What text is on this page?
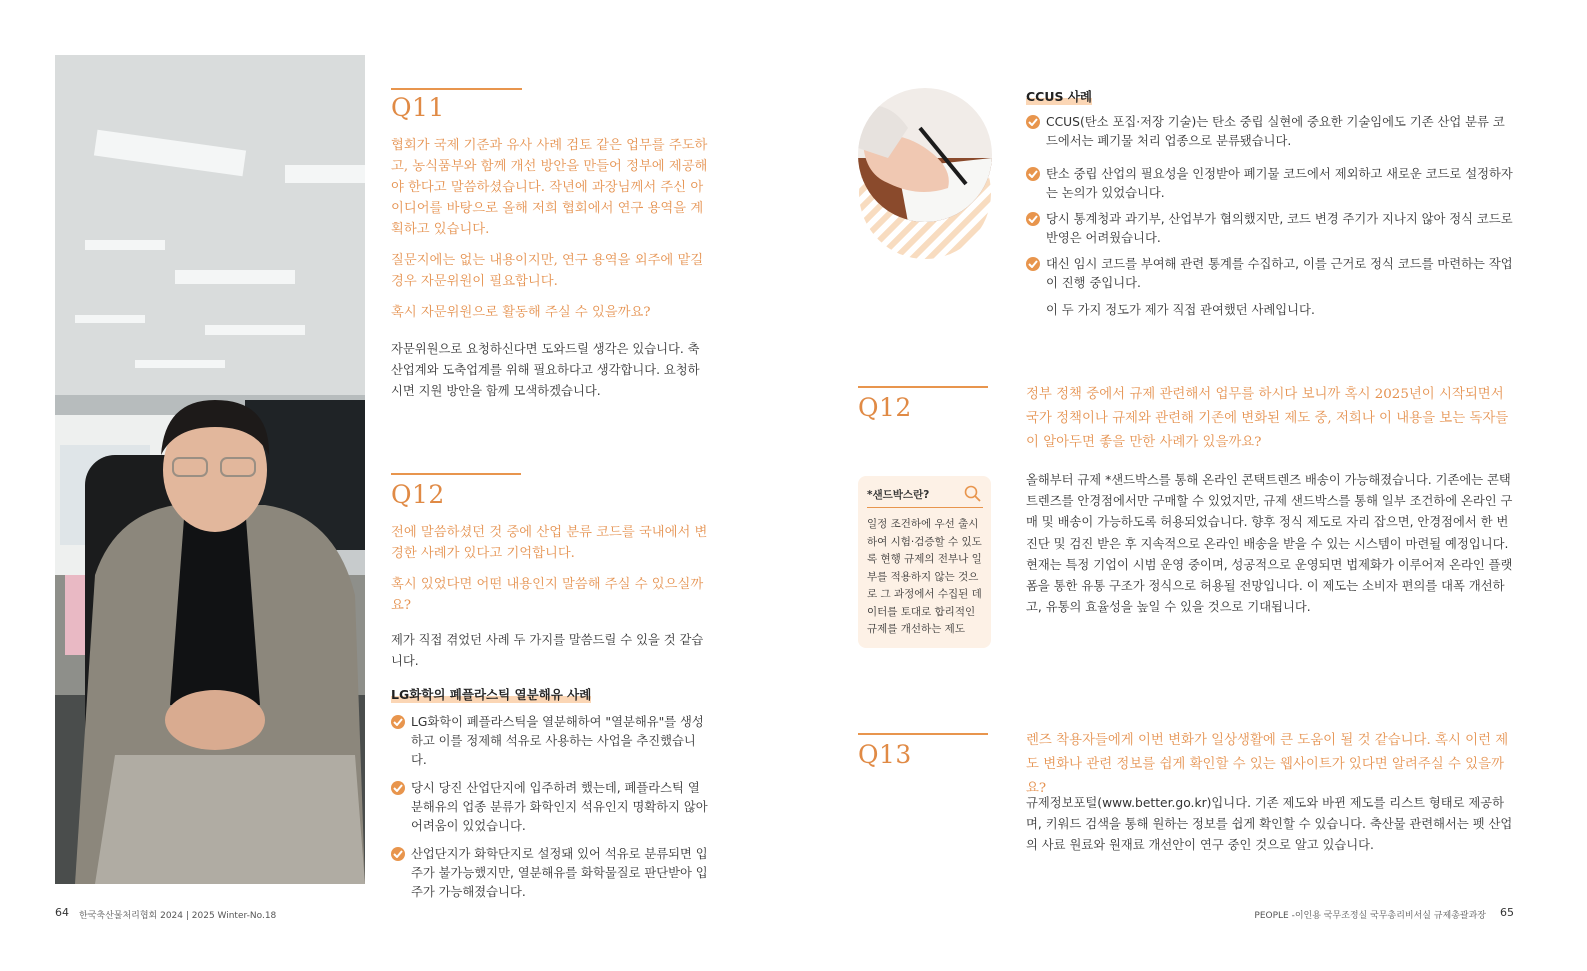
Q11

협회가 국제 기준과 유사 사례 검토 같은 업무를 주도하고, 농식품부와 함께 개선 방안을 만들어 정부에 제공해야 한다고 말씀하셨습니다. 작년에 과장님께서 주신 아이디어를 바탕으로 올해 저희 협회에서 연구 용역을 계획하고 있습니다.

질문지에는 없는 내용이지만, 연구 용역을 외주에 맡길 경우 자문위원이 필요합니다.

혹시 자문위원으로 활동해 주실 수 있을까요?

자문위원으로 요청하신다면 도와드릴 생각은 있습니다. 축산업계와 도축업계를 위해 필요하다고 생각합니다. 요청하시면 지원 방안을 함께 모색하겠습니다.

Q12

전에 말씀하셨던 것 중에 산업 분류 코드를 국내에서 변경한 사례가 있다고 기억합니다.

혹시 있었다면 어떤 내용인지 말씀해 주실 수 있으실까요?

제가 직접 겪었던 사례 두 가지를 말씀드릴 수 있을 것 같습니다.

LG화학의 폐플라스틱 열분해유 사례
LG화학이 폐플라스틱을 열분해하여 "열분해유"를 생성하고 이를 정제해 석유로 사용하는 사업을 추진했습니다.
당시 당진 산업단지에 입주하려 했는데, 폐플라스틱 열분해유의 업종 분류가 화학인지 석유인지 명확하지 않아 어려움이 있었습니다.
산업단지가 화학단지로 설정돼 있어 석유로 분류되면 입주가 불가능했지만, 열분해유를 화학물질로 판단받아 입주가 가능해졌습니다.
CCUS 사례
CCUS(탄소 포집·저장 기술)는 탄소 중립 실현에 중요한 기술임에도 기존 산업 분류 코드에서는 폐기물 처리 업종으로 분류됐습니다.
탄소 중립 산업의 필요성을 인정받아 폐기물 코드에서 제외하고 새로운 코드로 설정하자는 논의가 있었습니다.
당시 통계청과 과기부, 산업부가 협의했지만, 코드 변경 주기가 지나지 않아 정식 코드로 반영은 어려웠습니다.
대신 임시 코드를 부여해 관련 통계를 수집하고, 이를 근거로 정식 코드를 마련하는 작업이 진행 중입니다.

이 두 가지 정도가 제가 직접 관여했던 사례입니다.

Q12	정부 정책 중에서 규제 관련해서 업무를 하시다 보니까 혹시 2025년이 시작되면서 국가 정책이나 규제와 관련해 기존에 변화된 제도 중, 저희나 이 내용을 보는 독자들이 알아두면 좋을 만한 사례가 있을까요?

올해부터 규제 *샌드박스를 통해 온라인 콘택트렌즈 배송이 가능해졌습니다. 기존에는 콘택트렌즈를 안경점에서만 구매할 수 있었지만, 규제 샌드박스를 통해 일부 조건하에 온라인 구매 및 배송이 가능하도록 허용되었습니다. 향후 정식 제도로 자리 잡으면, 안경점에서 한 번 진단 및 검진 받은 후 지속적으로 온라인 배송을 받을 수 있는 시스템이 마련될 예정입니다. 현재는 특정 기업이 시범 운영 중이며, 성공적으로 운영되면 법제화가 이루어져 온라인 플랫폼을 통한 유통 구조가 정식으로 허용될 전망입니다. 이 제도는 소비자 편의를 대폭 개선하고, 유통의 효율성을 높일 수 있을 것으로 기대됩니다.

*샌드박스란?
일정 조건하에 우선 출시하여 시험·검증할 수 있도록 현행 규제의 전부나 일부를 적용하지 않는 것으로 그 과정에서 수집된 데이터를 토대로 합리적인 규제를 개선하는 제도
Q13	렌즈 착용자들에게 이번 변화가 일상생활에 큰 도움이 될 것 같습니다. 혹시 이런 제도 변화나 관련 정보를 쉽게 확인할 수 있는 웹사이트가 있다면 알려주실 수 있을까요?

규제정보포털(www.better.go.kr)입니다. 기존 제도와 바뀐 제도를 리스트 형태로 제공하며, 키워드 검색을 통해 원하는 정보를 쉽게 확인할 수 있습니다. 축산물 관련해서는 펫 산업의 사료 원료와 원재료 개선안이 연구 중인 것으로 알고 있습니다.

64 한국축산물처리협회 2024 | 2025 Winter-No.18	PEOPLE -이인용 국무조정실 국무총리비서실 규제총괄과장 65
